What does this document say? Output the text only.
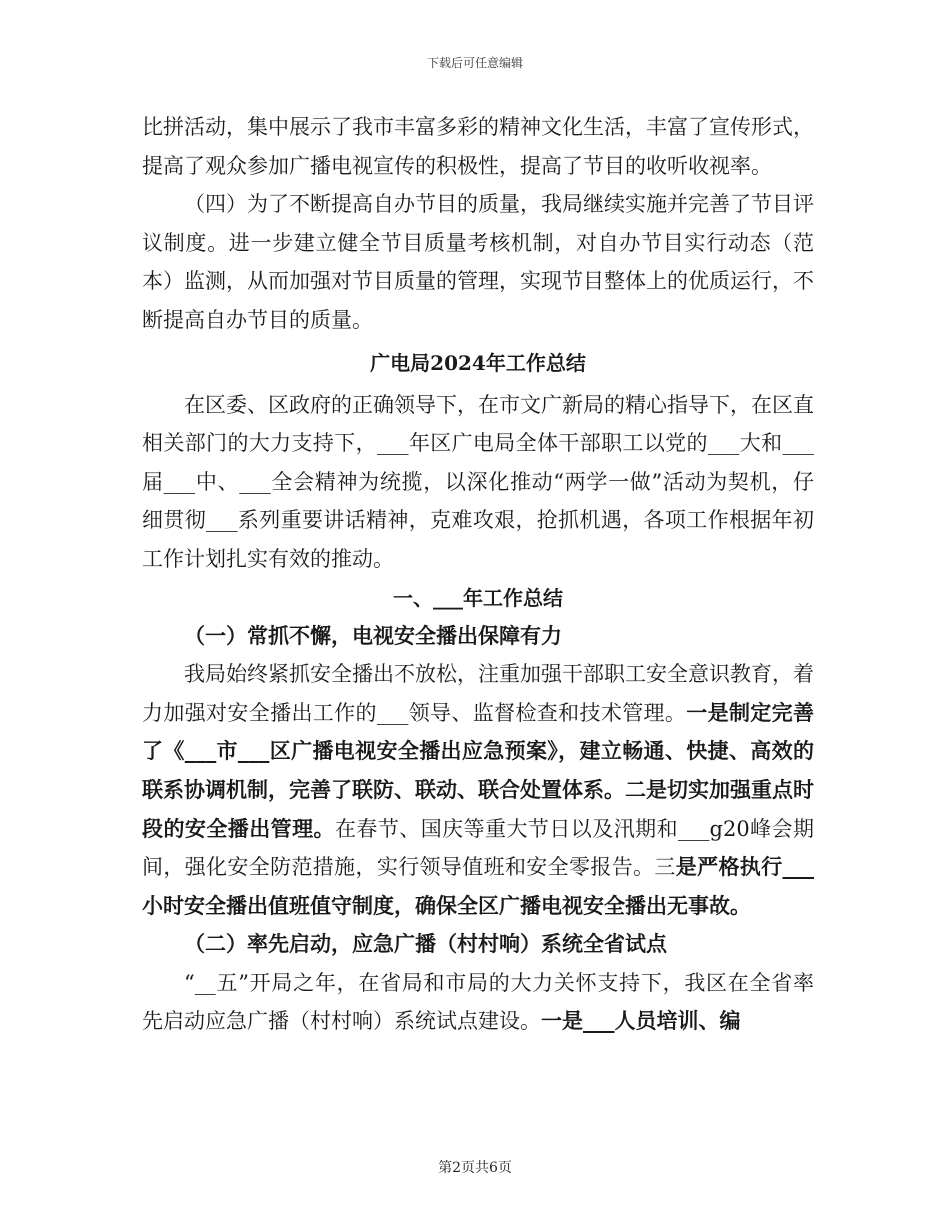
下载后可任意编辑

比拼活动，集中展示了我市丰富多彩的精神文化生活，丰富了宣传形式，提高了观众参加广播电视宣传的积极性，提高了节目的收听收视率。

（四）为了不断提高自办节目的质量，我局继续实施并完善了节目评议制度。进一步建立健全节目质量考核机制，对自办节目实行动态（范本）监测，从而加强对节目质量的管理，实现节目整体上的优质运行，不断提高自办节目的质量。

广电局2024年工作总结

在区委、区政府的正确领导下，在市文广新局的精心指导下，在区直相关部门的大力支持下，___年区广电局全体干部职工以党的___大和___届___中、___全会精神为统揽，以深化推动“两学一做”活动为契机，仔细贯彻___系列重要讲话精神，克难攻艰，抢抓机遇，各项工作根据年初工作计划扎实有效的推动。

一、___年工作总结

（一）常抓不懈，电视安全播出保障有力

我局始终紧抓安全播出不放松，注重加强干部职工安全意识教育，着力加强对安全播出工作的___领导、监督检查和技术管理。一是制定完善了《___市___区广播电视安全播出应急预案》，建立畅通、快捷、高效的联系协调机制，完善了联防、联动、联合处置体系。二是切实加强重点时段的安全播出管理。在春节、国庆等重大节日以及汛期和___g20峰会期间，强化安全防范措施，实行领导值班和安全零报告。三是严格执行___小时安全播出值班值守制度，确保全区广播电视安全播出无事故。

（二）率先启动，应急广播（村村响）系统全省试点

“__五”开局之年，在省局和市局的大力关怀支持下，我区在全省率先启动应急广播（村村响）系统试点建设。一是___人员培训、编

第2页共6页
